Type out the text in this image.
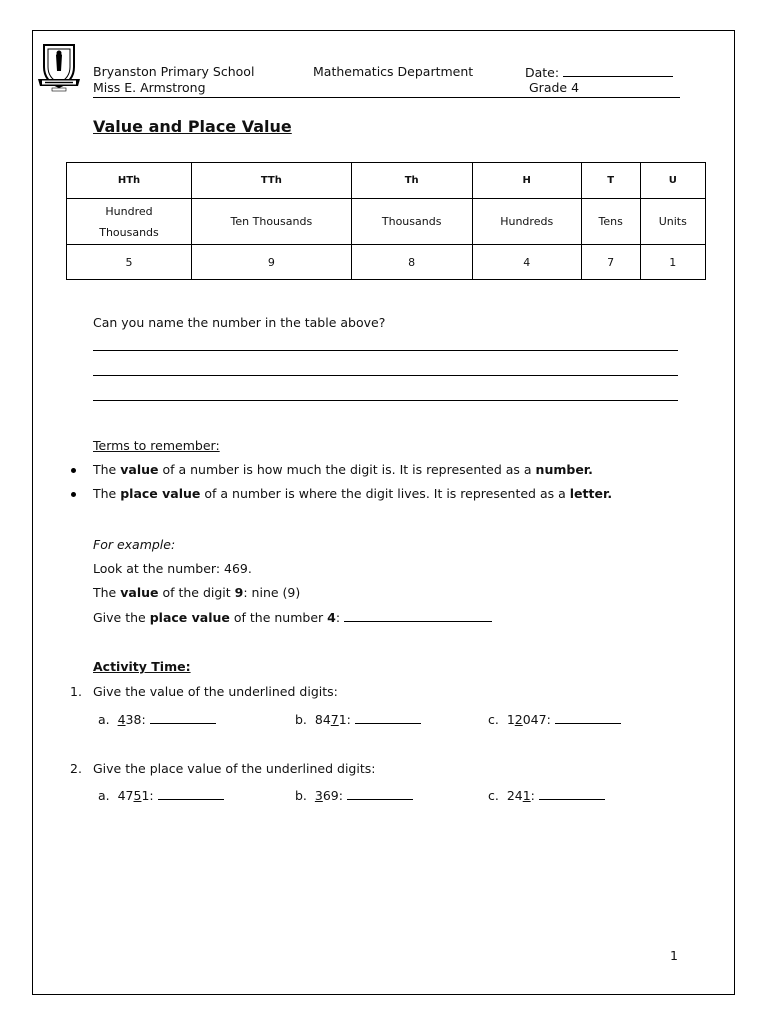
Bryanston Primary School	Mathematics Department	Date:
Miss E. Armstrong	Grade 4
Value and Place Value
HTh	TTh	Th	H	T	U
Hundred Thousands	Ten Thousands	Thousands	Hundreds	Tens	Units
5	9	8	4	7	1
Can you name the number in the table above?
Terms to remember:
The value of a number is how much the digit is. It is represented as a number.
The place value of a number is where the digit lives. It is represented as a letter.
For example:
Look at the number: 469.
The value of the digit 9: nine (9)
Give the place value of the number 4:
Activity Time:
1. Give the value of the underlined digits:
a. 438:	b. 8471:	c. 12047:
2. Give the place value of the underlined digits:
a. 4751:	b. 369:	c. 241:
1
